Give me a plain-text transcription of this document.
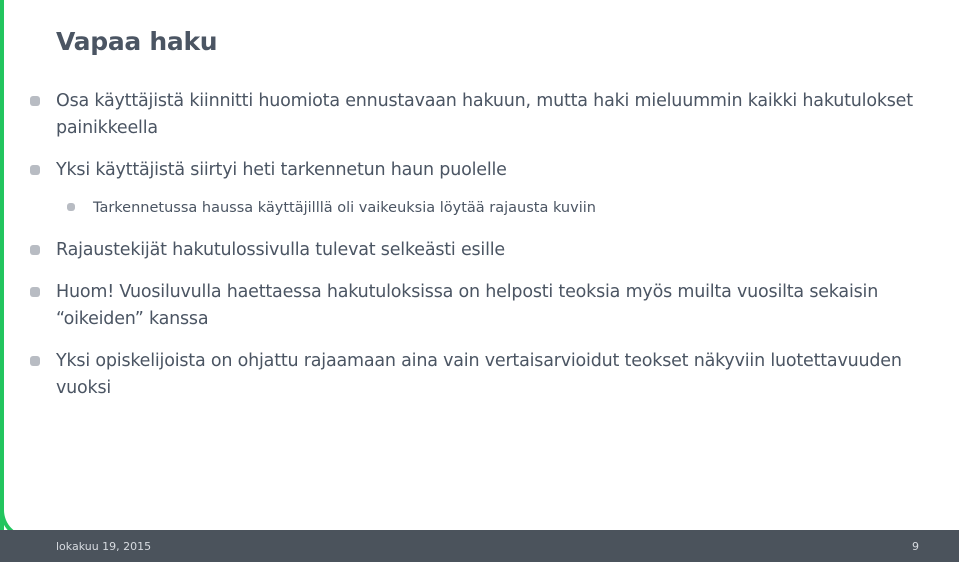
Vapaa haku
Osa käyttäjistä kiinnitti huomiota ennustavaan hakuun, mutta haki mieluummin kaikki hakutulokset painikkeella
Yksi käyttäjistä siirtyi heti tarkennetun haun puolelle
Tarkennetussa haussa käyttäjilllä oli vaikeuksia löytää rajausta kuviin
Rajaustekijät hakutulossivulla tulevat selkeästi esille
Huom! Vuosiluvulla haettaessa hakutuloksissa on helposti teoksia myös muilta vuosilta sekaisin “oikeiden” kanssa
Yksi opiskelijoista on ohjattu rajaamaan aina vain vertaisarvioidut teokset näkyviin luotettavuuden vuoksi
lokakuu 19, 2015	9
